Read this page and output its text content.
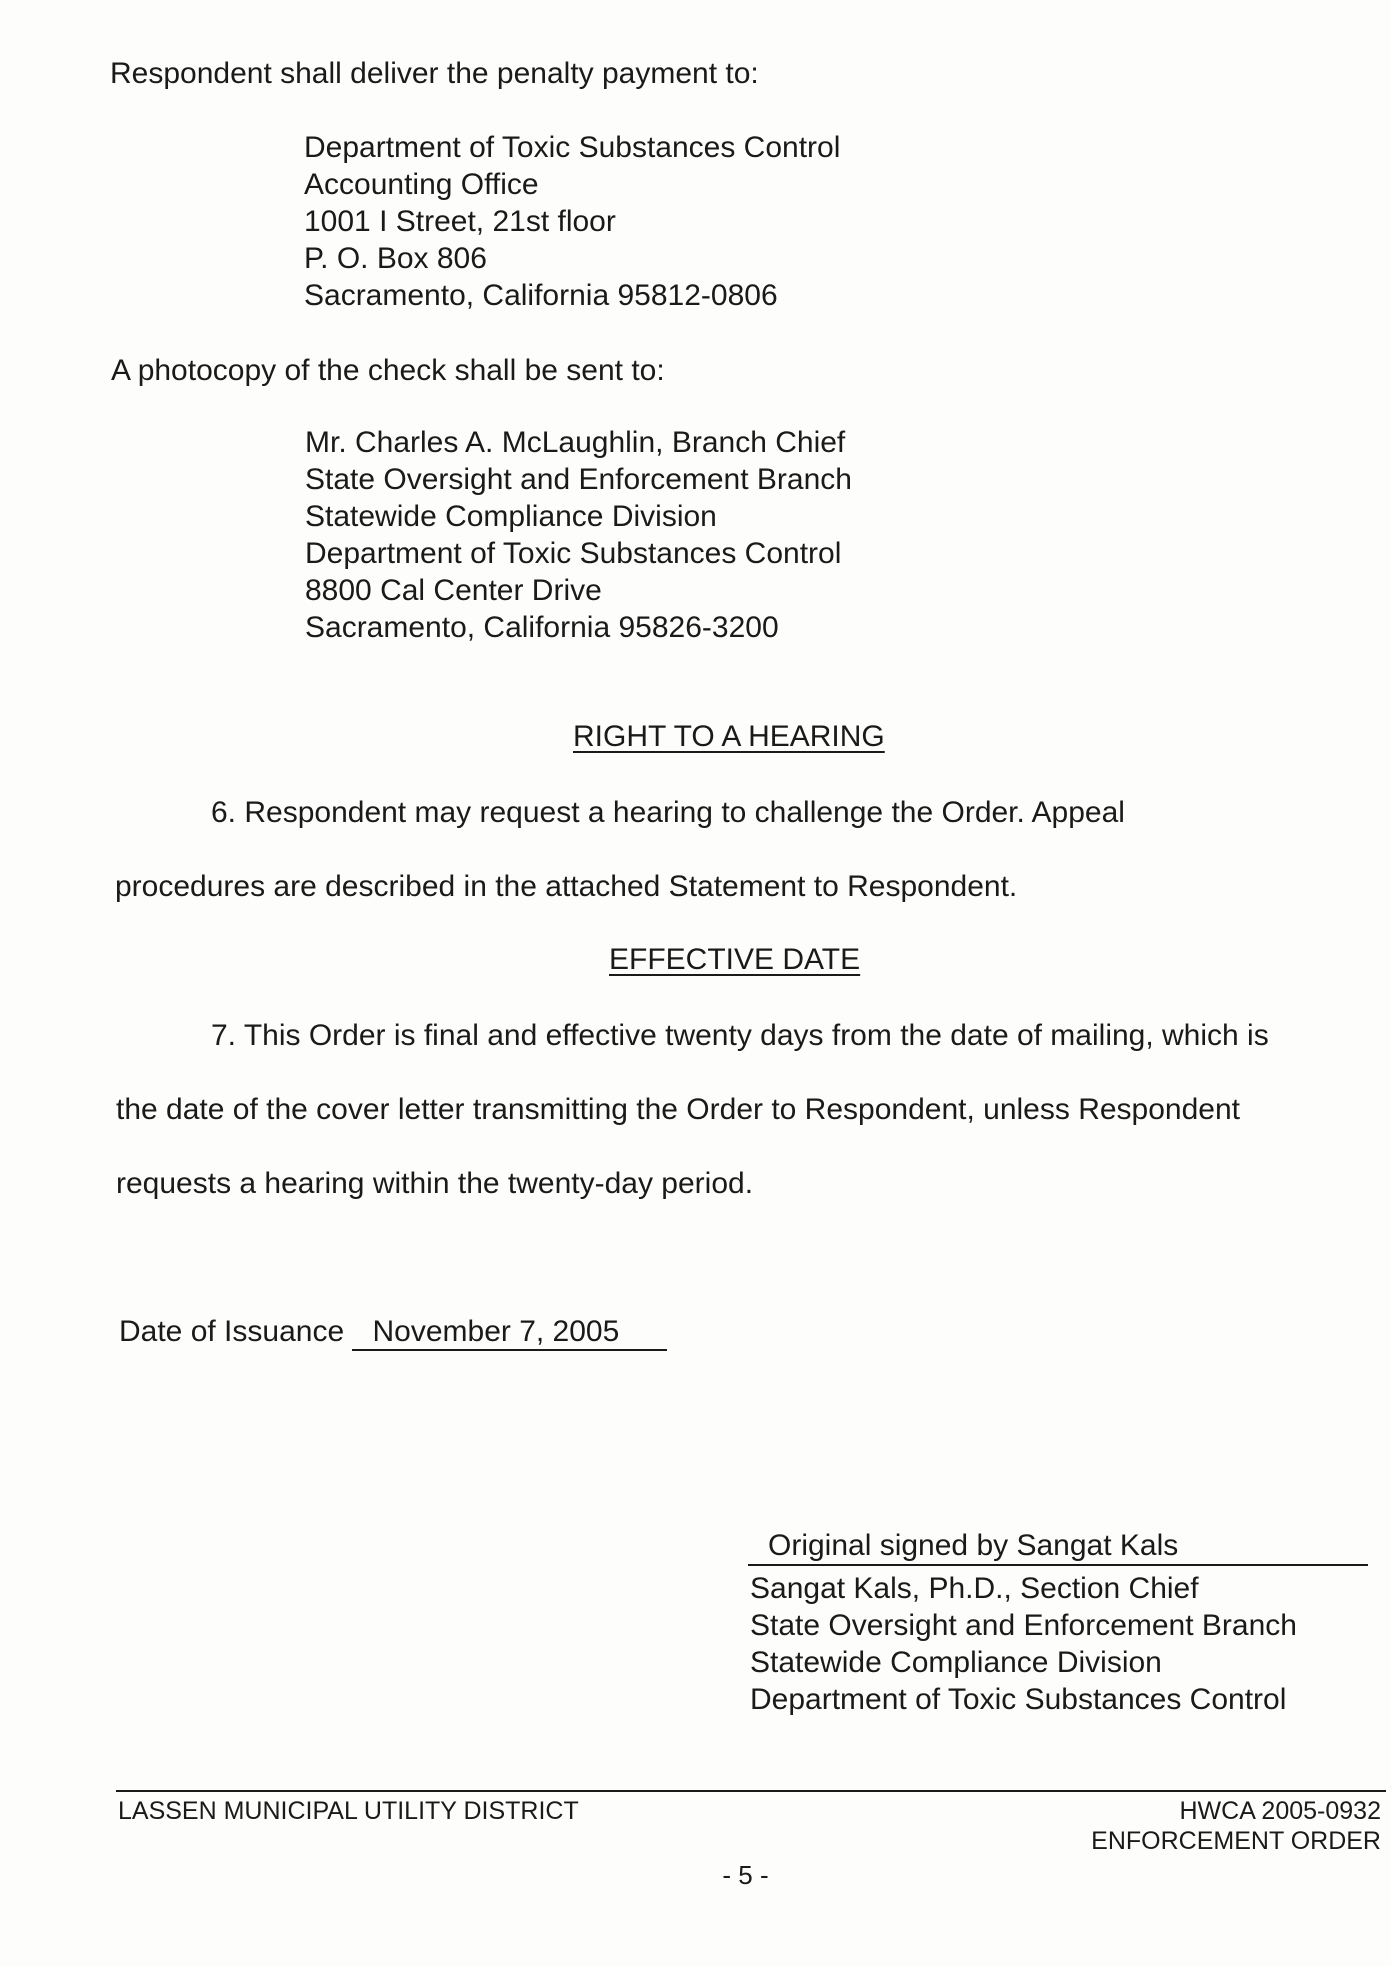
Respondent shall deliver the penalty payment to:
Department of Toxic Substances Control
Accounting Office
1001 I Street, 21st floor
P. O. Box 806
Sacramento, California 95812-0806
A photocopy of the check shall be sent to:
Mr. Charles A. McLaughlin, Branch Chief
State Oversight and Enforcement Branch
Statewide Compliance Division
Department of Toxic Substances Control
8800 Cal Center Drive
Sacramento, California 95826-3200
RIGHT TO A HEARING
6. Respondent may request a hearing to challenge the Order. Appeal
procedures are described in the attached Statement to Respondent.
EFFECTIVE DATE
7. This Order is final and effective twenty days from the date of mailing, which is
the date of the cover letter transmitting the Order to Respondent, unless Respondent
requests a hearing within the twenty-day period.
Date of Issuance November 7, 2005
Original signed by Sangat Kals
Sangat Kals, Ph.D., Section Chief
State Oversight and Enforcement Branch
Statewide Compliance Division
Department of Toxic Substances Control
LASSEN MUNICIPAL UTILITY DISTRICT	HWCA 2005-0932
ENFORCEMENT ORDER
- 5 -
